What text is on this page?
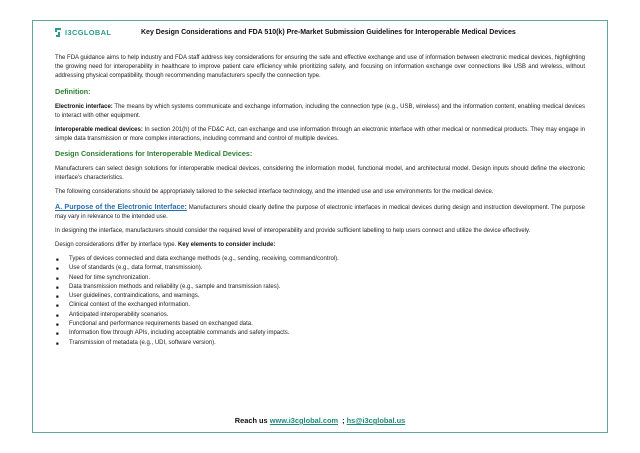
I3CGLOBAL	Key Design Considerations and FDA 510(k) Pre-Market Submission Guidelines for Interoperable Medical Devices

The FDA guidance aims to help industry and FDA staff address key considerations for ensuring the safe and effective exchange and use of information between electronic medical devices, highlighting the growing need for interoperability in healthcare to improve patient care efficiency while prioritizing safety, and focusing on information exchange over connections like USB and wireless, without addressing physical compatibility, though recommending manufacturers specify the connection type.

Definition:

Electronic interface: The means by which systems communicate and exchange information, including the connection type (e.g., USB, wireless) and the information content, enabling medical devices to interact with other equipment.

Interoperable medical devices: In section 201(h) of the FD&C Act, can exchange and use information through an electronic interface with other medical or nonmedical products. They may engage in simple data transmission or more complex interactions, including command and control of multiple devices.

Design Considerations for Interoperable Medical Devices:

Manufacturers can select design solutions for interoperable medical devices, considering the information model, functional model, and architectural model. Design inputs should define the electronic interface's characteristics.

The following considerations should be appropriately tailored to the selected interface technology, and the intended use and use environments for the medical device.

A. Purpose of the Electronic Interface: Manufacturers should clearly define the purpose of electronic interfaces in medical devices during design and instruction development. The purpose may vary in relevance to the intended use.

In designing the interface, manufacturers should consider the required level of interoperability and provide sufficient labelling to help users connect and utilize the device effectively.

Design considerations differ by interface type. Key elements to consider include:

■ Types of devices connected and data exchange methods (e.g., sending, receiving, command/control).
■ Use of standards (e.g., data format, transmission).
■ Need for time synchronization.
■ Data transmission methods and reliability (e.g., sample and transmission rates).
■ User guidelines, contraindications, and warnings.
■ Clinical context of the exchanged information.
■ Anticipated interoperability scenarios.
■ Functional and performance requirements based on exchanged data.
■ Information flow through APIs, including acceptable commands and safety impacts.
■ Transmission of metadata (e.g., UDI, software version).
Reach us www.i3cglobal.com  ; hs@i3cglobal.us
